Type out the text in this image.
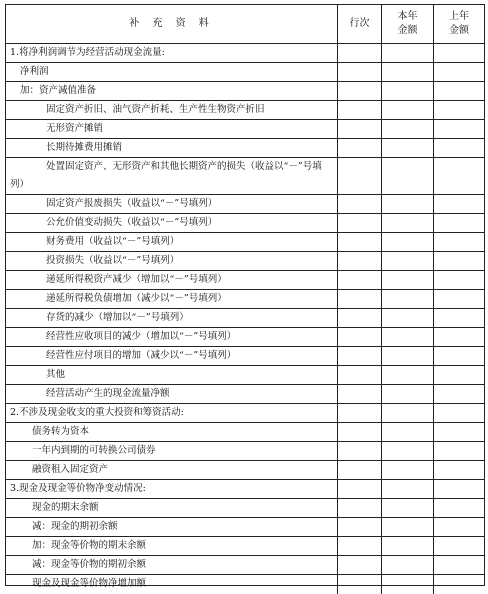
补 充 资 料	行次
本年
金额
上年
金额
1.将净利润调节为经营活动现金流量:
净利润
加：资产减值准备
固定资产折旧、油气资产折耗、生产性生物资产折旧
无形资产摊销
长期待摊费用摊销
处置固定资产、无形资产和其他长期资产的损失（收益以“－”号填列）
固定资产报废损失（收益以“－”号填列）
公允价值变动损失（收益以“－”号填列）
财务费用（收益以“－”号填列）
投资损失（收益以“－”号填列）
递延所得税资产减少（增加以“－”号填列）
递延所得税负债增加（减少以“－”号填列）
存货的减少（增加以“－”号填列）
经营性应收项目的减少（增加以“－”号填列）
经营性应付项目的增加（减少以“－”号填列）
其他
经营活动产生的现金流量净额
2.不涉及现金收支的重大投资和筹资活动:
债务转为资本
一年内到期的可转换公司债券
融资租入固定资产
3.现金及现金等价物净变动情况:
现金的期末余额
减：现金的期初余额
加：现金等价物的期末余额
减：现金等价物的期初余额
现金及现金等价物净增加额
